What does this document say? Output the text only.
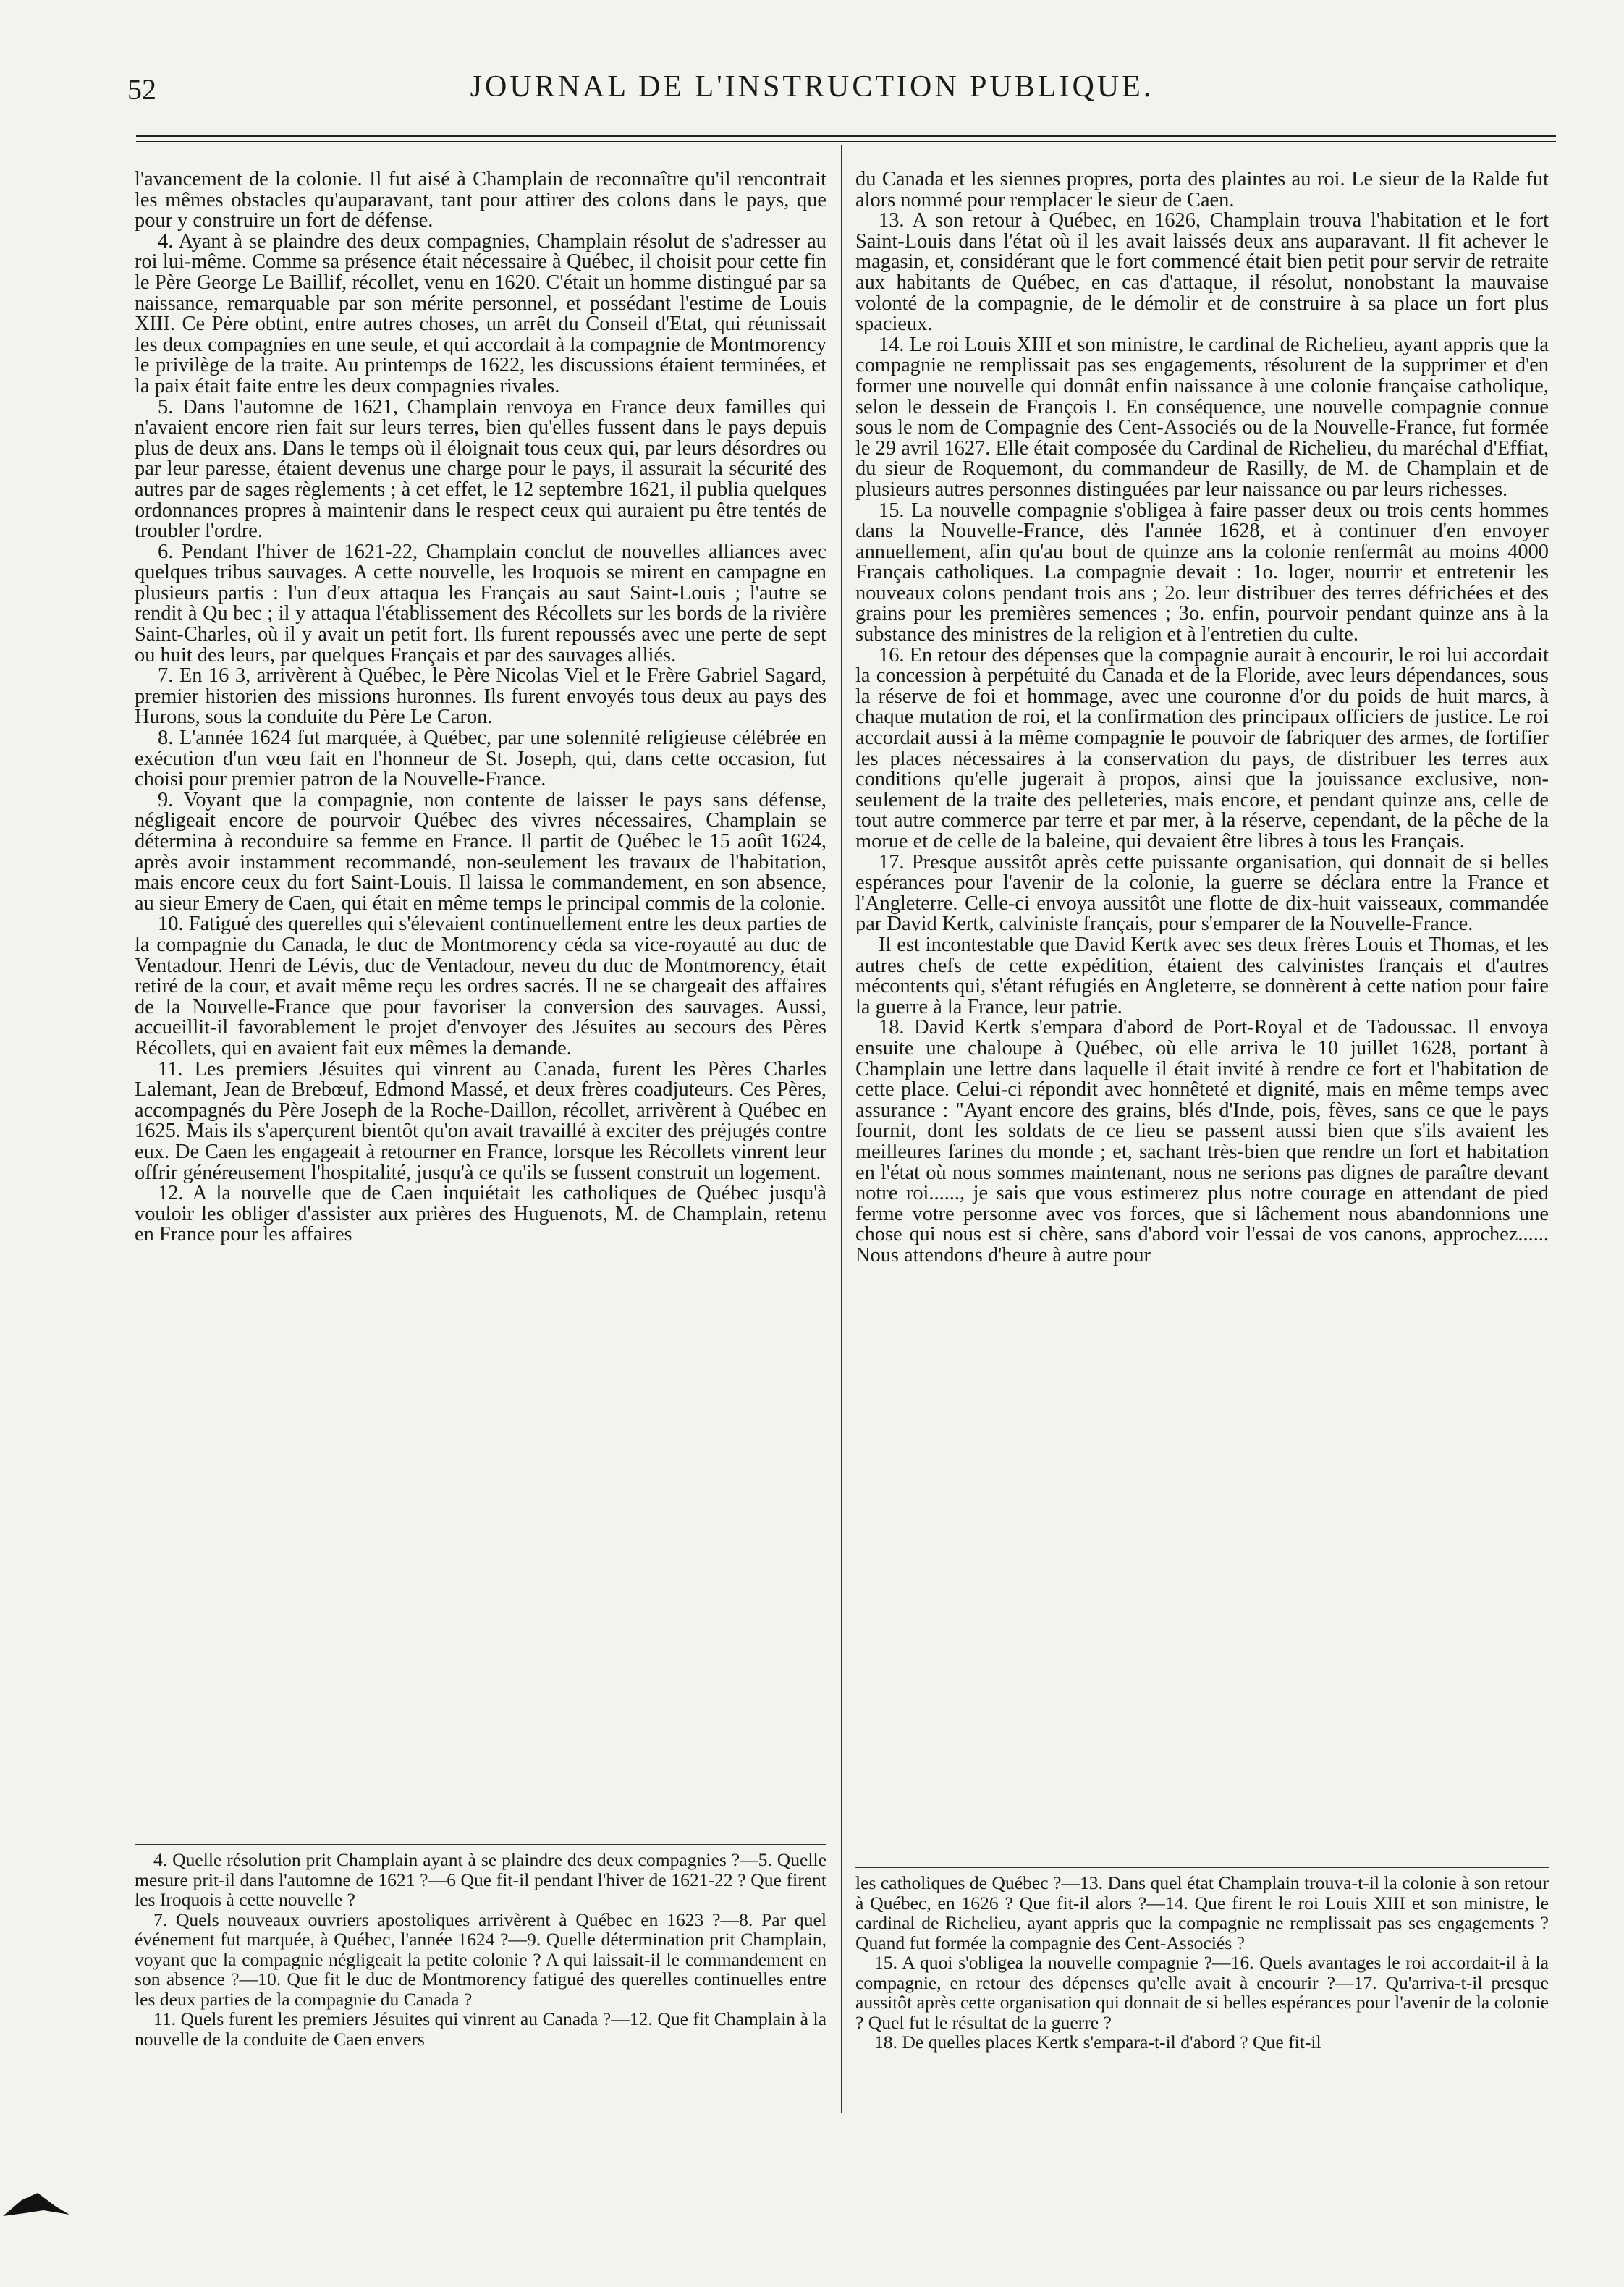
52	JOURNAL DE L'INSTRUCTION PUBLIQUE.

l'avancement de la colonie. Il fut aisé à Champlain de reconnaître qu'il rencontrait les mêmes obstacles qu'auparavant, tant pour attirer des colons dans le pays, que pour y construire un fort de défense.

4. Ayant à se plaindre des deux compagnies, Champlain résolut de s'adresser au roi lui-même. Comme sa présence était nécessaire à Québec, il choisit pour cette fin le Père George Le Baillif, récollet, venu en 1620. C'était un homme distingué par sa naissance, remarquable par son mérite personnel, et possédant l'estime de Louis XIII. Ce Père obtint, entre autres choses, un arrêt du Conseil d'Etat, qui réunissait les deux compagnies en une seule, et qui accordait à la compagnie de Montmorency le privilège de la traite. Au printemps de 1622, les discussions étaient terminées, et la paix était faite entre les deux compagnies rivales.

5. Dans l'automne de 1621, Champlain renvoya en France deux familles qui n'avaient encore rien fait sur leurs terres, bien qu'elles fussent dans le pays depuis plus de deux ans. Dans le temps où il éloignait tous ceux qui, par leurs désordres ou par leur paresse, étaient devenus une charge pour le pays, il assurait la sécurité des autres par de sages règlements ; à cet effet, le 12 septembre 1621, il publia quelques ordonnances propres à maintenir dans le respect ceux qui auraient pu être tentés de troubler l'ordre.

6. Pendant l'hiver de 1621-22, Champlain conclut de nouvelles alliances avec quelques tribus sauvages. A cette nouvelle, les Iroquois se mirent en campagne en plusieurs partis : l'un d'eux attaqua les Français au saut Saint-Louis ; l'autre se rendit à Qu bec ; il y attaqua l'établissement des Récollets sur les bords de la rivière Saint-Charles, où il y avait un petit fort. Ils furent repoussés avec une perte de sept ou huit des leurs, par quelques Français et par des sauvages alliés.

7. En 16 3, arrivèrent à Québec, le Père Nicolas Viel et le Frère Gabriel Sagard, premier historien des missions huronnes. Ils furent envoyés tous deux au pays des Hurons, sous la conduite du Père Le Caron.

8. L'année 1624 fut marquée, à Québec, par une solennité religieuse célébrée en exécution d'un vœu fait en l'honneur de St. Joseph, qui, dans cette occasion, fut choisi pour premier patron de la Nouvelle-France.

9. Voyant que la compagnie, non contente de laisser le pays sans défense, négligeait encore de pourvoir Québec des vivres nécessaires, Champlain se détermina à reconduire sa femme en France. Il partit de Québec le 15 août 1624, après avoir instamment recommandé, non-seulement les travaux de l'habitation, mais encore ceux du fort Saint-Louis. Il laissa le commandement, en son absence, au sieur Emery de Caen, qui était en même temps le principal commis de la colonie.

10. Fatigué des querelles qui s'élevaient continuellement entre les deux parties de la compagnie du Canada, le duc de Montmorency céda sa vice-royauté au duc de Ventadour. Henri de Lévis, duc de Ventadour, neveu du duc de Montmorency, était retiré de la cour, et avait même reçu les ordres sacrés. Il ne se chargeait des affaires de la Nouvelle-France que pour favoriser la conversion des sauvages. Aussi, accueillit-il favorablement le projet d'envoyer des Jésuites au secours des Pères Récollets, qui en avaient fait eux mêmes la demande.

11. Les premiers Jésuites qui vinrent au Canada, furent les Pères Charles Lalemant, Jean de Brebœuf, Edmond Massé, et deux frères coadjuteurs. Ces Pères, accompagnés du Père Joseph de la Roche-Daillon, récollet, arrivèrent à Québec en 1625. Mais ils s'aperçurent bientôt qu'on avait travaillé à exciter des préjugés contre eux. De Caen les engageait à retourner en France, lorsque les Récollets vinrent leur offrir généreusement l'hospitalité, jusqu'à ce qu'ils se fussent construit un logement.

12. A la nouvelle que de Caen inquiétait les catholiques de Québec jusqu'à vouloir les obliger d'assister aux prières des Huguenots, M. de Champlain, retenu en France pour les affaires

du Canada et les siennes propres, porta des plaintes au roi. Le sieur de la Ralde fut alors nommé pour remplacer le sieur de Caen.

13. A son retour à Québec, en 1626, Champlain trouva l'habitation et le fort Saint-Louis dans l'état où il les avait laissés deux ans auparavant. Il fit achever le magasin, et, considérant que le fort commencé était bien petit pour servir de retraite aux habitants de Québec, en cas d'attaque, il résolut, nonobstant la mauvaise volonté de la compagnie, de le démolir et de construire à sa place un fort plus spacieux.

14. Le roi Louis XIII et son ministre, le cardinal de Richelieu, ayant appris que la compagnie ne remplissait pas ses engagements, résolurent de la supprimer et d'en former une nouvelle qui donnât enfin naissance à une colonie française catholique, selon le dessein de François I. En conséquence, une nouvelle compagnie connue sous le nom de Compagnie des Cent-Associés ou de la Nouvelle-France, fut formée le 29 avril 1627. Elle était composée du Cardinal de Richelieu, du maréchal d'Effiat, du sieur de Roquemont, du commandeur de Rasilly, de M. de Champlain et de plusieurs autres personnes distinguées par leur naissance ou par leurs richesses.

15. La nouvelle compagnie s'obligea à faire passer deux ou trois cents hommes dans la Nouvelle-France, dès l'année 1628, et à continuer d'en envoyer annuellement, afin qu'au bout de quinze ans la colonie renfermât au moins 4000 Français catholiques. La compagnie devait : 1o. loger, nourrir et entretenir les nouveaux colons pendant trois ans ; 2o. leur distribuer des terres défrichées et des grains pour les premières semences ; 3o. enfin, pourvoir pendant quinze ans à la substance des ministres de la religion et à l'entretien du culte.

16. En retour des dépenses que la compagnie aurait à encourir, le roi lui accordait la concession à perpétuité du Canada et de la Floride, avec leurs dépendances, sous la réserve de foi et hommage, avec une couronne d'or du poids de huit marcs, à chaque mutation de roi, et la confirmation des principaux officiers de justice. Le roi accordait aussi à la même compagnie le pouvoir de fabriquer des armes, de fortifier les places nécessaires à la conservation du pays, de distribuer les terres aux conditions qu'elle jugerait à propos, ainsi que la jouissance exclusive, non-seulement de la traite des pelleteries, mais encore, et pendant quinze ans, celle de tout autre commerce par terre et par mer, à la réserve, cependant, de la pêche de la morue et de celle de la baleine, qui devaient être libres à tous les Français.

17. Presque aussitôt après cette puissante organisation, qui donnait de si belles espérances pour l'avenir de la colonie, la guerre se déclara entre la France et l'Angleterre. Celle-ci envoya aussitôt une flotte de dix-huit vaisseaux, commandée par David Kertk, calviniste français, pour s'emparer de la Nouvelle-France.

Il est incontestable que David Kertk avec ses deux frères Louis et Thomas, et les autres chefs de cette expédition, étaient des calvinistes français et d'autres mécontents qui, s'étant réfugiés en Angleterre, se donnèrent à cette nation pour faire la guerre à la France, leur patrie.

18. David Kertk s'empara d'abord de Port-Royal et de Tadoussac. Il envoya ensuite une chaloupe à Québec, où elle arriva le 10 juillet 1628, portant à Champlain une lettre dans laquelle il était invité à rendre ce fort et l'habitation de cette place. Celui-ci répondit avec honnêteté et dignité, mais en même temps avec assurance : "Ayant encore des grains, blés d'Inde, pois, fèves, sans ce que le pays fournit, dont les soldats de ce lieu se passent aussi bien que s'ils avaient les meilleures farines du monde ; et, sachant très-bien que rendre un fort et habitation en l'état où nous sommes maintenant, nous ne serions pas dignes de paraître devant notre roi......, je sais que vous estimerez plus notre courage en attendant de pied ferme votre personne avec vos forces, que si lâchement nous abandonnions une chose qui nous est si chère, sans d'abord voir l'essai de vos canons, approchez...... Nous attendons d'heure à autre pour

4. Quelle résolution prit Champlain ayant à se plaindre des deux compagnies ?—5. Quelle mesure prit-il dans l'automne de 1621 ?—6 Que fit-il pendant l'hiver de 1621-22 ? Que firent les Iroquois à cette nouvelle ?

7. Quels nouveaux ouvriers apostoliques arrivèrent à Québec en 1623 ?—8. Par quel événement fut marquée, à Québec, l'année 1624 ?—9. Quelle détermination prit Champlain, voyant que la compagnie négligeait la petite colonie ? A qui laissait-il le commandement en son absence ?—10. Que fit le duc de Montmorency fatigué des querelles continuelles entre les deux parties de la compagnie du Canada ?

11. Quels furent les premiers Jésuites qui vinrent au Canada ?—12. Que fit Champlain à la nouvelle de la conduite de Caen envers

les catholiques de Québec ?—13. Dans quel état Champlain trouva-t-il la colonie à son retour à Québec, en 1626 ? Que fit-il alors ?—14. Que firent le roi Louis XIII et son ministre, le cardinal de Richelieu, ayant appris que la compagnie ne remplissait pas ses engagements ? Quand fut formée la compagnie des Cent-Associés ?

15. A quoi s'obligea la nouvelle compagnie ?—16. Quels avantages le roi accordait-il à la compagnie, en retour des dépenses qu'elle avait à encourir ?—17. Qu'arriva-t-il presque aussitôt après cette organisation qui donnait de si belles espérances pour l'avenir de la colonie ? Quel fut le résultat de la guerre ?

18. De quelles places Kertk s'empara-t-il d'abord ? Que fit-il
